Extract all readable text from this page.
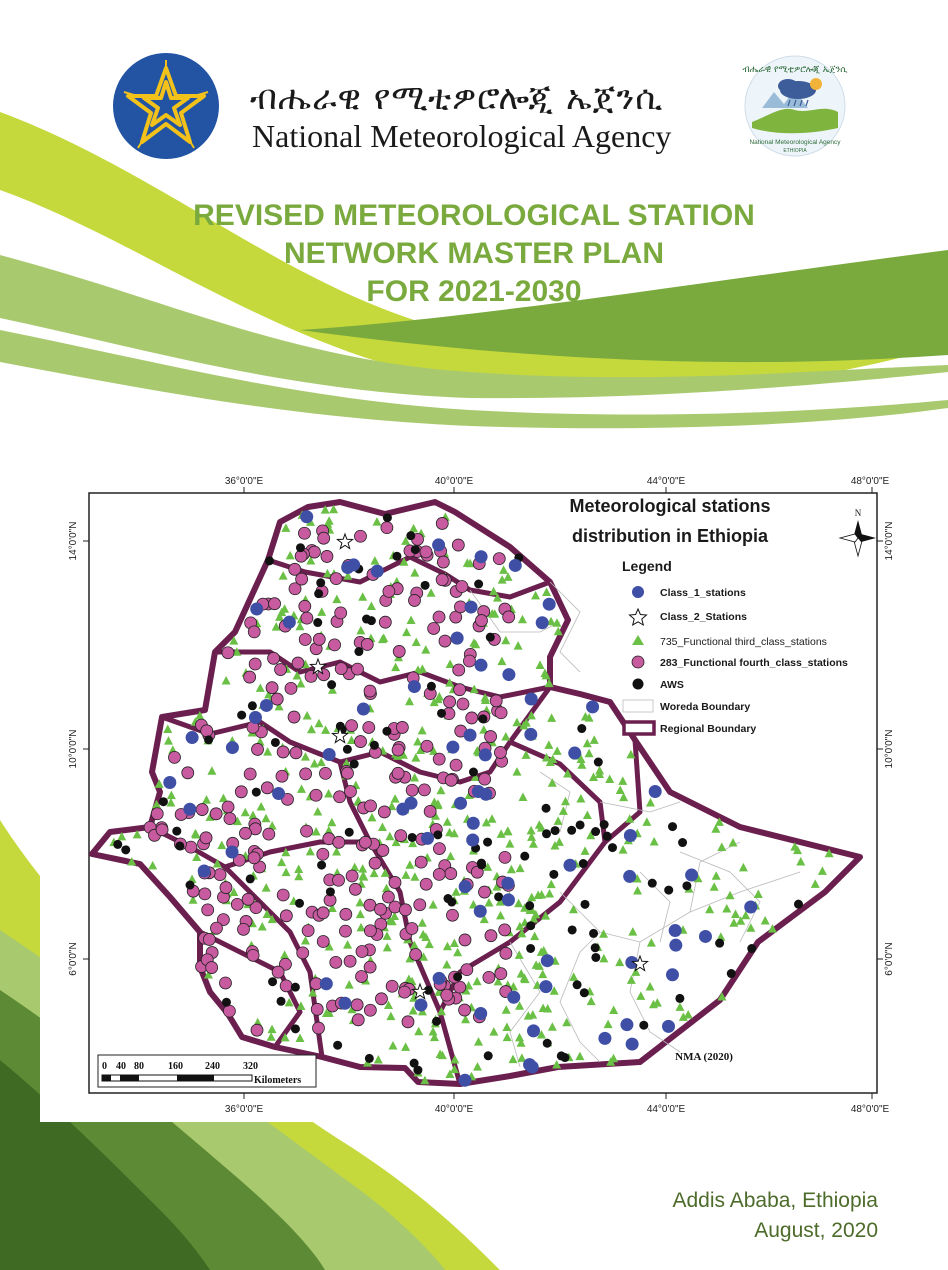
ብሔራዊ የሚቲዎሮሎጂ ኤጀንሲ
National Meteorological Agency
ብሔራዊ የሚቲዎሮሎጂ ኤጀንሲ
National Meteorological Agency
ETHIOPIA
REVISED METEOROLOGICAL STATION
NETWORK MASTER PLAN
FOR 2021-2030
36°0'0"E	40°0'0"E	44°0'0"E	48°0'0"E
36°0'0"E	40°0'0"E	44°0'0"E	48°0'0"E
14°0'0"N
10°0'0"N
6°0'0"N
14°0'0"N
10°0'0"N
6°0'0"N
Meteorological stations
distribution in Ethiopia
N
Legend
Class_1_stations
Class_2_Stations
735_Functional third_class_stations
283_Functional fourth_class_stations
AWS
Woreda Boundary
Regional Boundary
0 40 80 160 240 320
Kilometers
NMA (2020)
Addis Ababa, Ethiopia
August, 2020
